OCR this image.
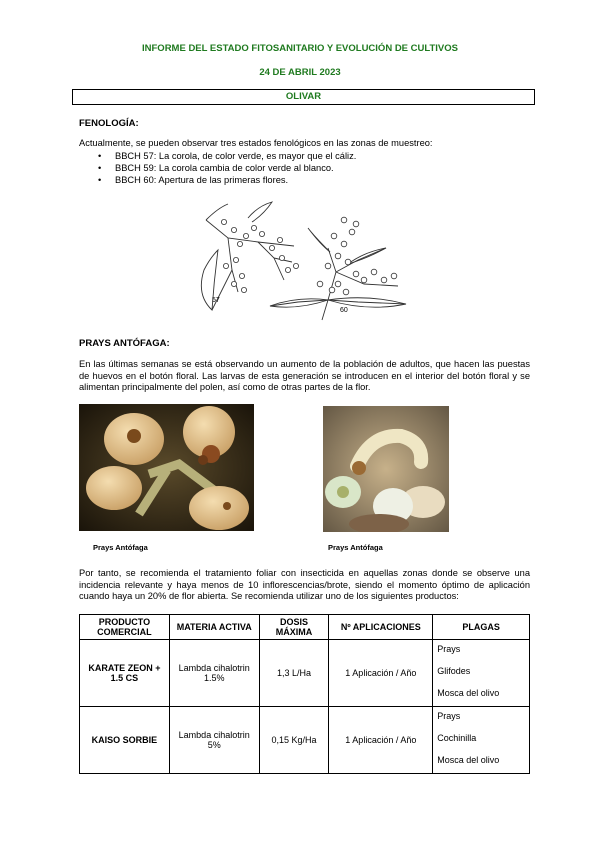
INFORME DEL ESTADO FITOSANITARIO Y EVOLUCIÓN DE CULTIVOS
24 DE ABRIL 2023
OLIVAR
FENOLOGÍA:
Actualmente, se pueden observar tres estados fenológicos en las zonas de muestreo:
• BBCH 57: La corola, de color verde, es mayor que el cáliz.
• BBCH 59: La corola cambia de color verde al blanco.
• BBCH 60: Apertura de las primeras flores.
57
60
PRAYS ANTÓFAGA:
En las últimas semanas se está observando un aumento de la población de adultos, que hacen las puestas de huevos en el botón floral. Las larvas de esta generación se introducen en el interior del botón floral y se alimentan principalmente del polen, así como de otras partes de la flor.
Prays Antófaga	Prays Antófaga
Por tanto, se recomienda el tratamiento foliar con insecticida en aquellas zonas donde se observe una incidencia relevante y haya menos de 10 inflorescencias/brote, siendo el momento óptimo de aplicación cuando haya un 20% de flor abierta. Se recomienda utilizar uno de los siguientes productos:
PRODUCTO COMERCIAL	MATERIA ACTIVA	DOSIS MÁXIMA	Nº APLICACIONES	PLAGAS
KARATE ZEON + 1.5 CS	Lambda cihalotrin 1.5%	1,3 L/Ha	1 Aplicación / Año	Prays
Glifodes
Mosca del olivo

KAISO SORBIE	Lambda cihalotrin 5%	0,15 Kg/Ha	1 Aplicación / Año	Prays
Cochinilla
Mosca del olivo
